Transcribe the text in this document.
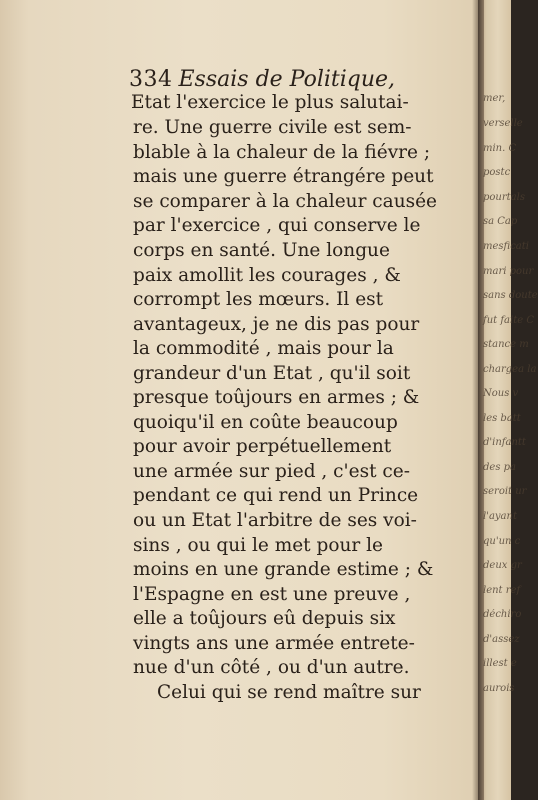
334 Essais de Politique,
Etat l'exercice le plus salutai-
re. Une guerre civile est sem-
blable à la chaleur de la fiévre ;
mais une guerre étrangére peut
se comparer à la chaleur causée
par l'exercice , qui conserve le
corps en santé. Une longue
paix amollit les courages , &
corrompt les mœurs. Il est
avantageux, je ne dis pas pour
la commodité , mais pour la
grandeur d'un Etat , qu'il soit
presque toûjours en armes ; &
quoiqu'il en coûte beaucoup
pour avoir perpétuellement
une armée sur pied , c'est ce-
pendant ce qui rend un Prince
ou un Etat l'arbitre de ses voi-
sins , ou qui le met pour le
moins en une grande estime ; &
l'Espagne en est une preuve ,
elle a toûjours eû depuis six
vingts ans une armée entrete-
nue d'un côté , ou d'un autre.
Celui qui se rend maître sur
mer,
verselle
min. C
postc
pourtals
sa Cap
mesficati
mari pour
sans doute
fut faite C
stance m
chargea la
Nous v
les batt
d'infantt
des pa
seroit ur
l'ayant
qu'un c
deux gr
lent ref
déchiro
d'assez
illest e
aurois
